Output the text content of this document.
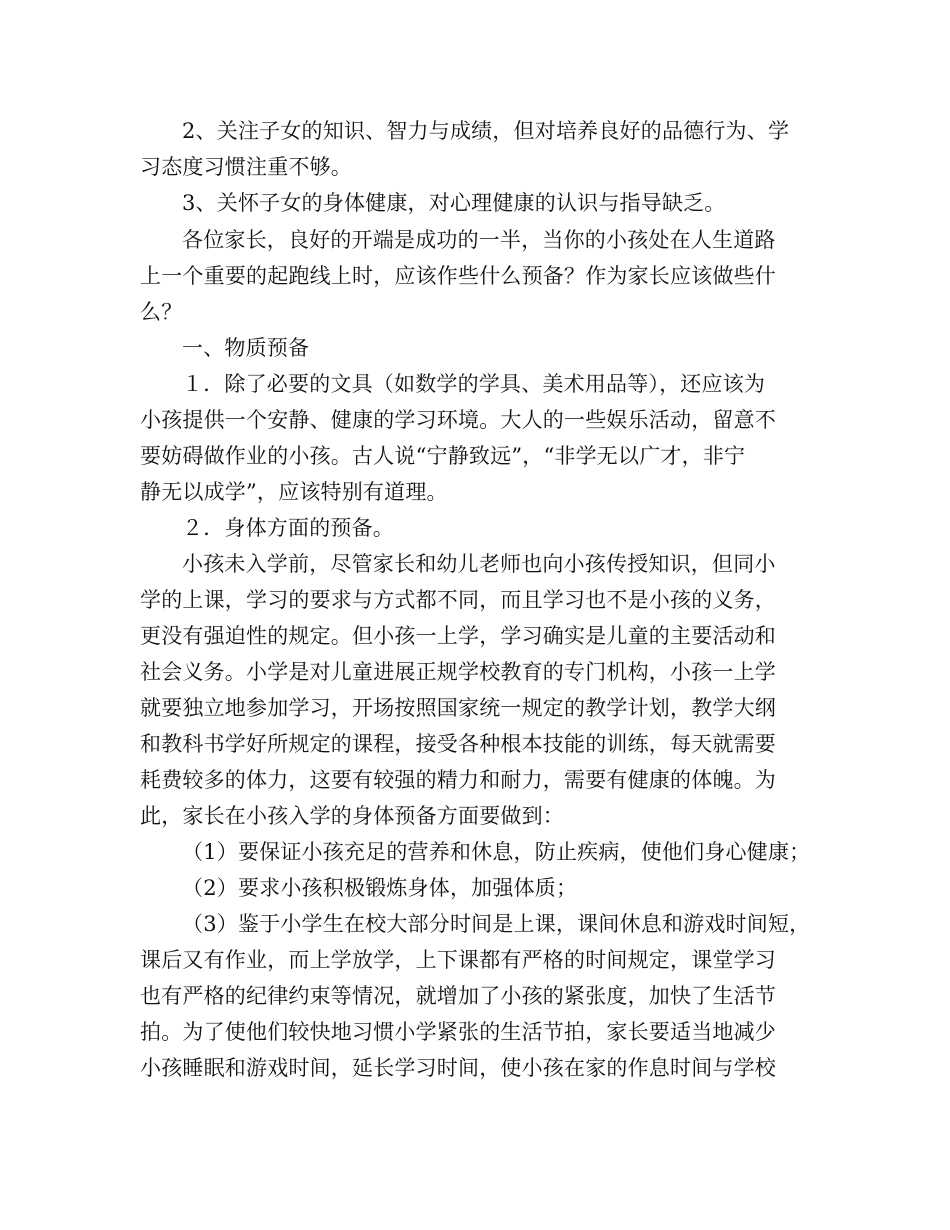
2、关注子女的知识、智力与成绩，但对培养良好的品德行为、学
习态度习惯注重不够。
3、关怀子女的身体健康，对心理健康的认识与指导缺乏。
各位家长，良好的开端是成功的一半，当你的小孩处在人生道路
上一个重要的起跑线上时，应该作些什么预备？作为家长应该做些什
么？
一、物质预备
１．除了必要的文具（如数学的学具、美术用品等），还应该为
小孩提供一个安静、健康的学习环境。大人的一些娱乐活动，留意不
要妨碍做作业的小孩。古人说“宁静致远”，“非学无以广才，非宁
静无以成学”，应该特别有道理。
２．身体方面的预备。
小孩未入学前，尽管家长和幼儿老师也向小孩传授知识，但同小
学的上课，学习的要求与方式都不同，而且学习也不是小孩的义务，
更没有强迫性的规定。但小孩一上学，学习确实是儿童的主要活动和
社会义务。小学是对儿童进展正规学校教育的专门机构，小孩一上学
就要独立地参加学习，开场按照国家统一规定的教学计划，教学大纲
和教科书学好所规定的课程，接受各种根本技能的训练，每天就需要
耗费较多的体力，这要有较强的精力和耐力，需要有健康的体魄。为
此，家长在小孩入学的身体预备方面要做到：
（1）要保证小孩充足的营养和休息，防止疾病，使他们身心健康；
（2）要求小孩积极锻炼身体，加强体质；
（3）鉴于小学生在校大部分时间是上课，课间休息和游戏时间短，
课后又有作业，而上学放学，上下课都有严格的时间规定，课堂学习
也有严格的纪律约束等情况，就增加了小孩的紧张度，加快了生活节
拍。为了使他们较快地习惯小学紧张的生活节拍，家长要适当地减少
小孩睡眠和游戏时间，延长学习时间，使小孩在家的作息时间与学校
